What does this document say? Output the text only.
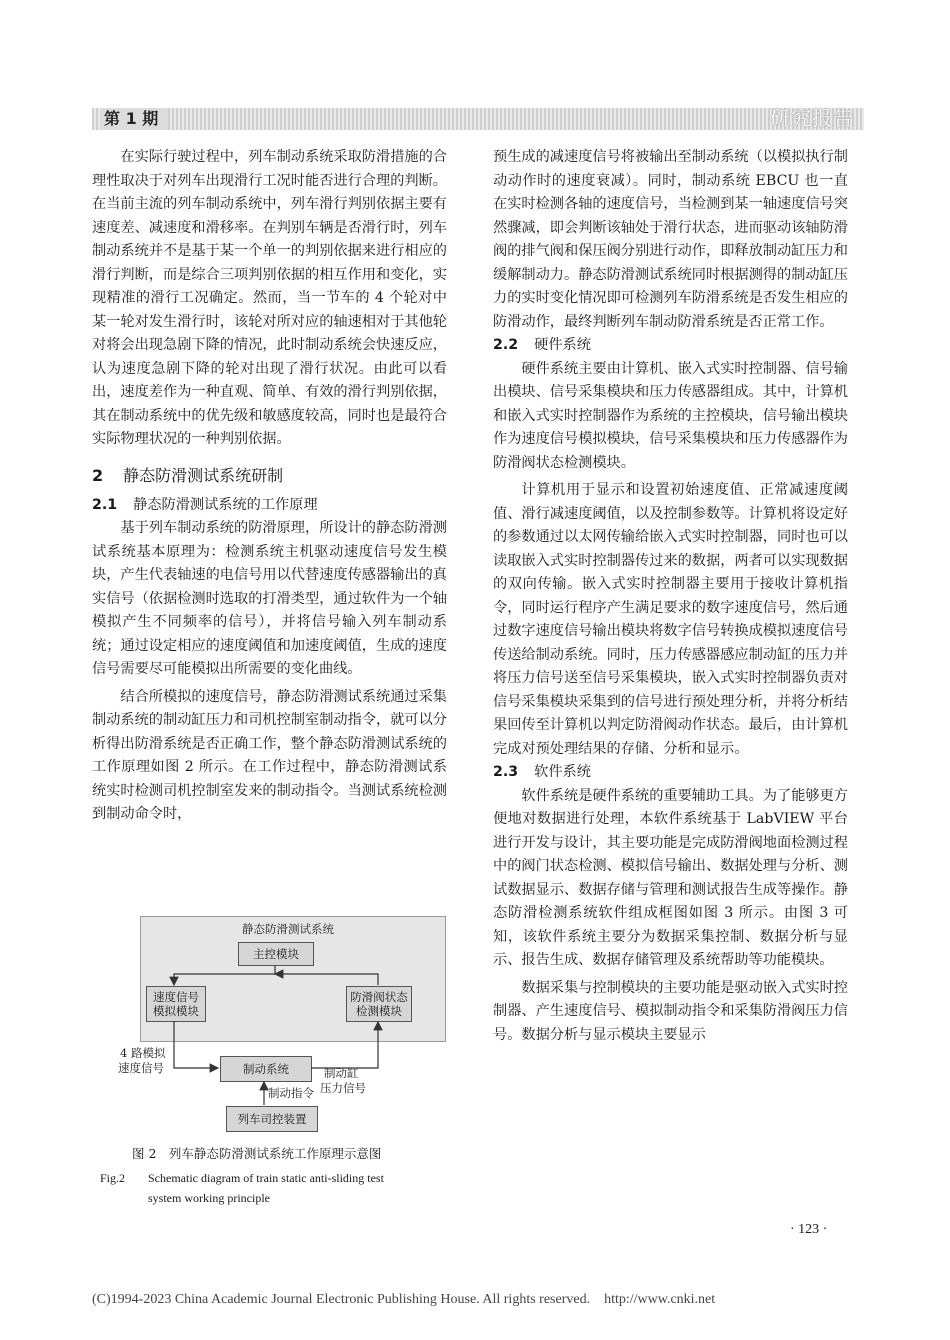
第 1 期	研究报告

在实际行驶过程中，列车制动系统采取防滑措施的合理性取决于对列车出现滑行工况时能否进行合理的判断。在当前主流的列车制动系统中，列车滑行判别依据主要有速度差、减速度和滑移率。在判别车辆是否滑行时，列车制动系统并不是基于某一个单一的判别依据来进行相应的滑行判断，而是综合三项判别依据的相互作用和变化，实现精准的滑行工况确定。然而，当一节车的 4 个轮对中某一轮对发生滑行时，该轮对所对应的轴速相对于其他轮对将会出现急剧下降的情况，此时制动系统会快速反应，认为速度急剧下降的轮对出现了滑行状况。由此可以看出，速度差作为一种直观、简单、有效的滑行判别依据，其在制动系统中的优先级和敏感度较高，同时也是最符合实际物理状况的一种判别依据。

2 静态防滑测试系统研制
2.1 静态防滑测试系统的工作原理

基于列车制动系统的防滑原理，所设计的静态防滑测试系统基本原理为：检测系统主机驱动速度信号发生模块，产生代表轴速的电信号用以代替速度传感器输出的真实信号（依据检测时选取的打滑类型，通过软件为一个轴模拟产生不同频率的信号），并将信号输入列车制动系统；通过设定相应的速度阈值和加速度阈值，生成的速度信号需要尽可能模拟出所需要的变化曲线。

结合所模拟的速度信号，静态防滑测试系统通过采集制动系统的制动缸压力和司机控制室制动指令，就可以分析得出防滑系统是否正确工作，整个静态防滑测试系统的工作原理如图 2 所示。在工作过程中，静态防滑测试系统实时检测司机控制室发来的制动指令。当测试系统检测到制动命令时，

静态防滑测试系统
主控模块
速度信号
模拟模块
防滑阀状态
检测模块
制动系统
列车司控装置
4 路模拟
速度信号	制动缸
压力信号
制动指令
图 2　列车静态防滑测试系统工作原理示意图
Fig.2 Schematic diagram of train static anti-sliding test
system working principle

预生成的减速度信号将被输出至制动系统（以模拟执行制动动作时的速度衰减）。同时，制动系统 EBCU 也一直在实时检测各轴的速度信号，当检测到某一轴速度信号突然骤减，即会判断该轴处于滑行状态，进而驱动该轴防滑阀的排气阀和保压阀分别进行动作，即释放制动缸压力和缓解制动力。静态防滑测试系统同时根据测得的制动缸压力的实时变化情况即可检测列车防滑系统是否发生相应的防滑动作，最终判断列车制动防滑系统是否正常工作。

2.2 硬件系统

硬件系统主要由计算机、嵌入式实时控制器、信号输出模块、信号采集模块和压力传感器组成。其中，计算机和嵌入式实时控制器作为系统的主控模块，信号输出模块作为速度信号模拟模块，信号采集模块和压力传感器作为防滑阀状态检测模块。

计算机用于显示和设置初始速度值、正常减速度阈值、滑行减速度阈值，以及控制参数等。计算机将设定好的参数通过以太网传输给嵌入式实时控制器，同时也可以读取嵌入式实时控制器传过来的数据，两者可以实现数据的双向传输。嵌入式实时控制器主要用于接收计算机指令，同时运行程序产生满足要求的数字速度信号，然后通过数字速度信号输出模块将数字信号转换成模拟速度信号传送给制动系统。同时，压力传感器感应制动缸的压力并将压力信号送至信号采集模块，嵌入式实时控制器负责对信号采集模块采集到的信号进行预处理分析，并将分析结果回传至计算机以判定防滑阀动作状态。最后，由计算机完成对预处理结果的存储、分析和显示。

2.3 软件系统

软件系统是硬件系统的重要辅助工具。为了能够更方便地对数据进行处理，本软件系统基于 LabVIEW 平台进行开发与设计，其主要功能是完成防滑阀地面检测过程中的阀门状态检测、模拟信号输出、数据处理与分析、测试数据显示、数据存储与管理和测试报告生成等操作。静态防滑检测系统软件组成框图如图 3 所示。由图 3 可知，该软件系统主要分为数据采集控制、数据分析与显示、报告生成、数据存储管理及系统帮助等功能模块。

数据采集与控制模块的主要功能是驱动嵌入式实时控制器、产生速度信号、模拟制动指令和采集防滑阀压力信号。数据分析与显示模块主要显示

· 123 ·
(C)1994-2023 China Academic Journal Electronic Publishing House. All rights reserved.    http://www.cnki.net
